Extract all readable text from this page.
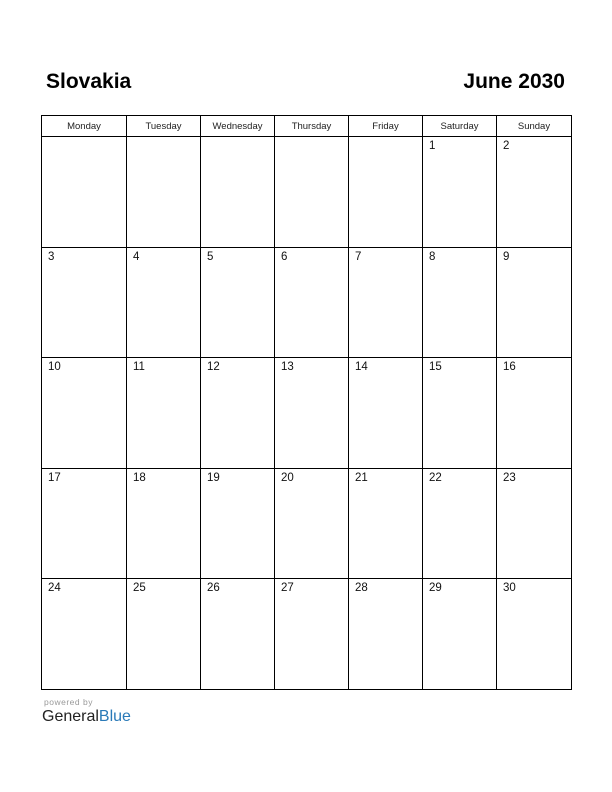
Slovakia	June 2030
Monday	Tuesday	Wednesday	Thursday	Friday	Saturday	Sunday

					1	2

3	4	5	6	7	8	9

10	11	12	13	14	15	16

17	18	19	20	21	22	23

24	25	26	27	28	29	30
powered by
GeneralBlue
